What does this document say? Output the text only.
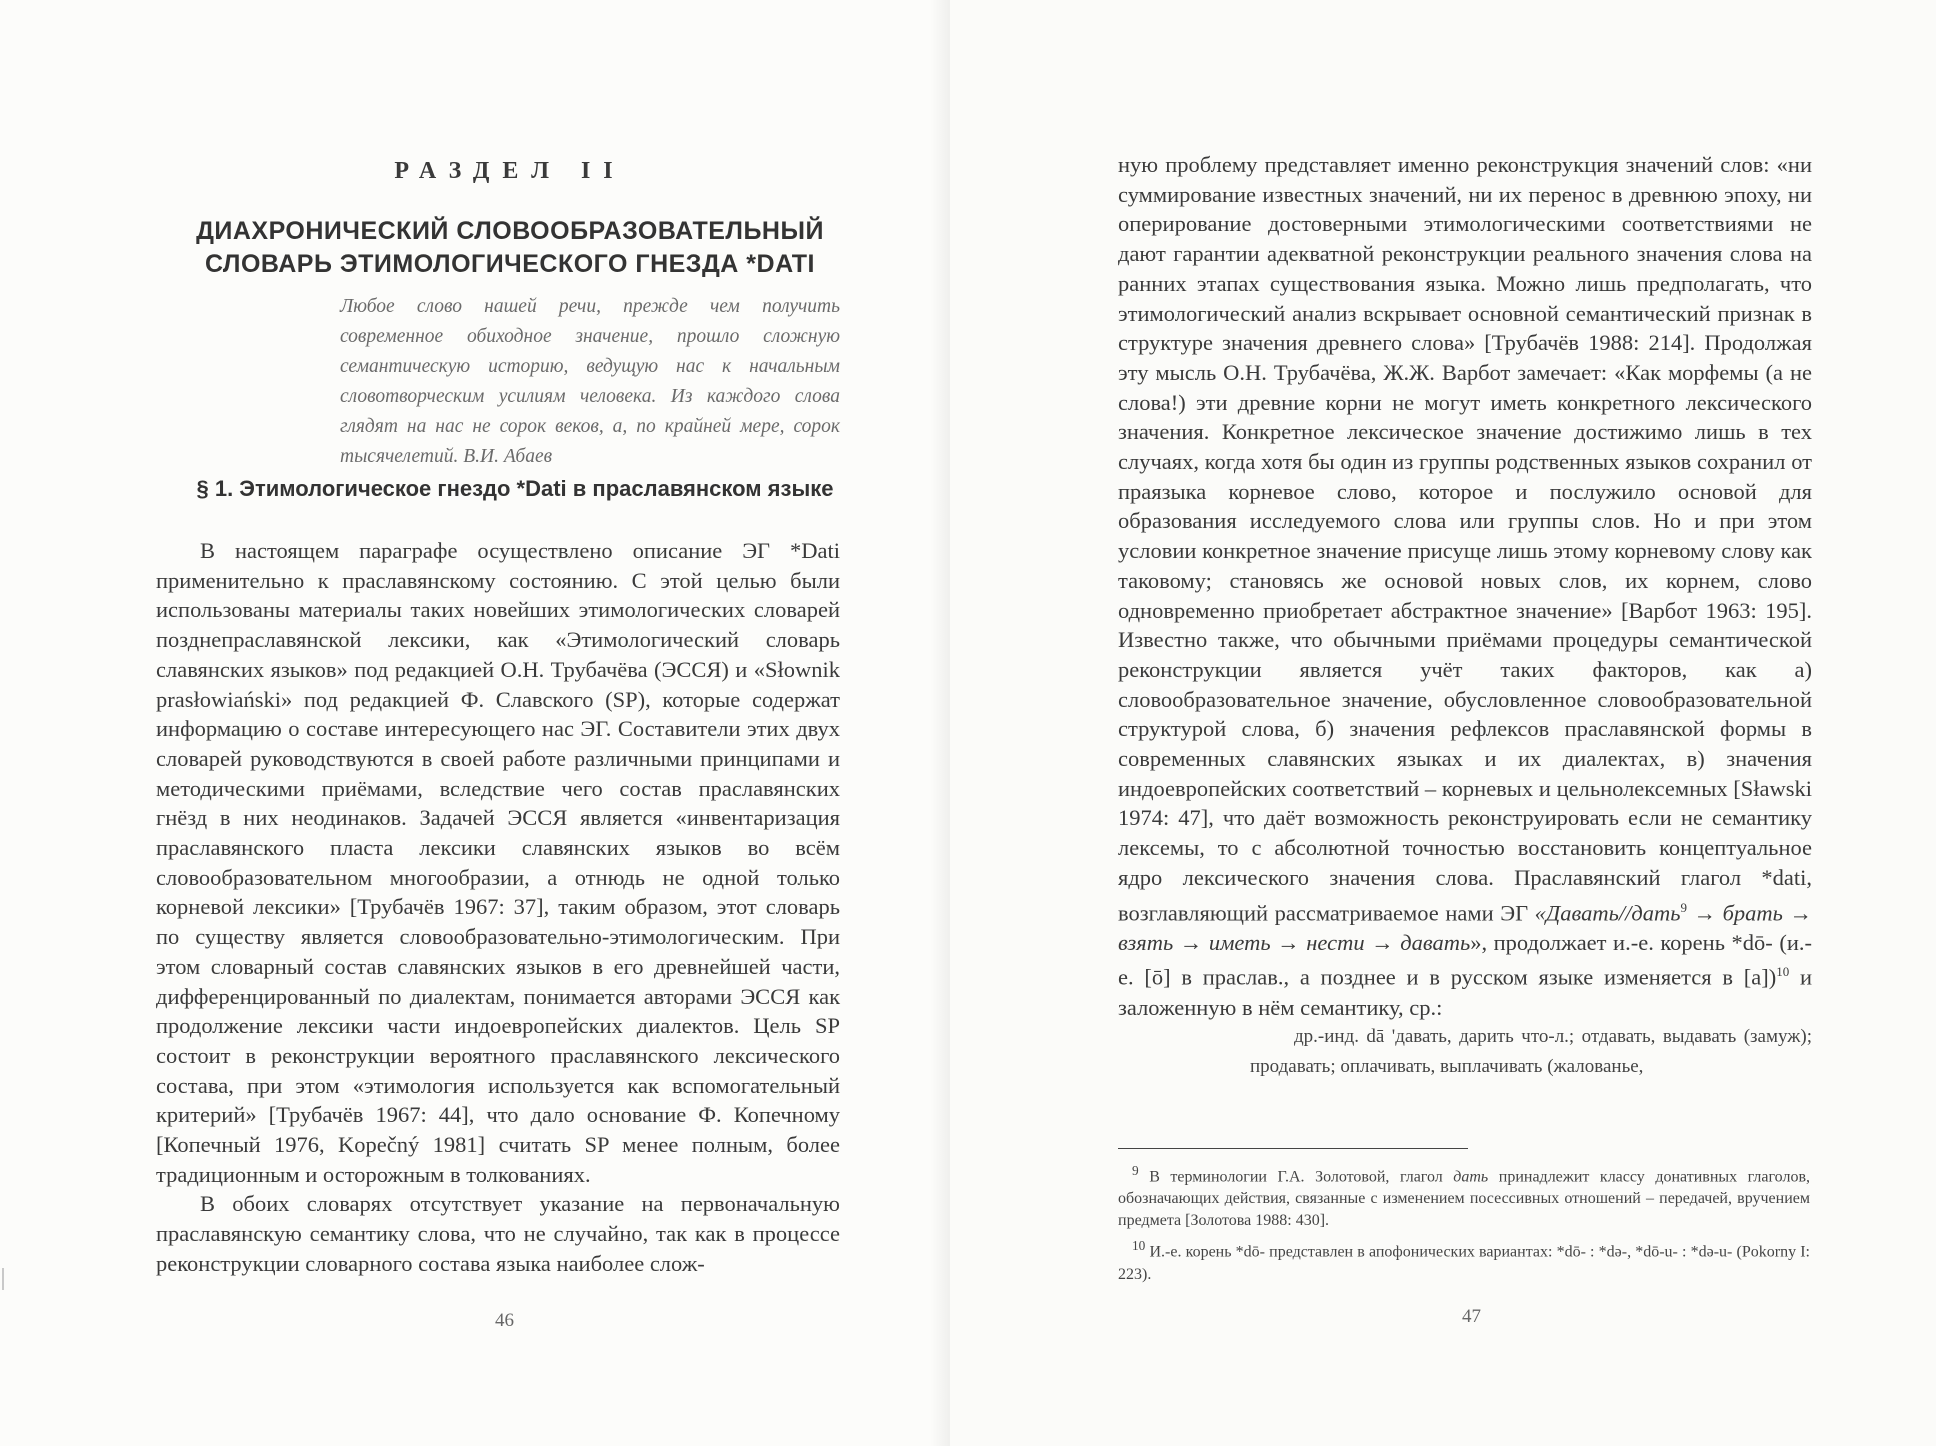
РАЗДЕЛ II
ДИАХРОНИЧЕСКИЙ СЛОВООБРАЗОВАТЕЛЬНЫЙ
СЛОВАРЬ ЭТИМОЛОГИЧЕСКОГО ГНЕЗДА *DATI
Любое слово нашей речи, прежде чем получить современное обиходное значение, прошло сложную семантическую историю, ведущую нас к начальным словотворческим усилиям человека. Из каждого слова глядят на нас не сорок веков, а, по крайней мере, сорок тысячелетий. В.И. Абаев
§ 1. Этимологическое гнездо *Dati в праславянском языке

В настоящем параграфе осуществлено описание ЭГ *Dati применительно к праславянскому состоянию. С этой целью были использованы материалы таких новейших этимологических словарей позднепраславянской лексики, как «Этимологический словарь славянских языков» под редакцией О.Н. Трубачёва (ЭССЯ) и «Słownik prasłowiański» под редакцией Ф. Славского (SP), которые содержат информацию о составе интересующего нас ЭГ. Составители этих двух словарей руководствуются в своей работе различными принципами и методическими приёмами, вследствие чего состав праславянских гнёзд в них неодинаков. Задачей ЭССЯ является «инвентаризация праславянского пласта лексики славянских языков во всём словообразовательном многообразии, а отнюдь не одной только корневой лексики» [Трубачёв 1967: 37], таким образом, этот словарь по существу является словообразовательно-этимологическим. При этом словарный состав славянских языков в его древнейшей части, дифференцированный по диалектам, понимается авторами ЭССЯ как продолжение лексики части индоевропейских диалектов. Цель SP состоит в реконструкции вероятного праславянского лексического состава, при этом «этимология используется как вспомогательный критерий» [Трубачёв 1967: 44], что дало основание Ф. Копечному [Копечный 1976, Kopečný 1981] считать SP менее полным, более традиционным и осторожным в толкованиях.

В обоих словарях отсутствует указание на первоначальную праславянскую семантику слова, что не случайно, так как в процессе реконструкции словарного состава языка наиболее слож-

46

ную проблему представляет именно реконструкция значений слов: «ни суммирование известных значений, ни их перенос в древнюю эпоху, ни оперирование достоверными этимологическими соответствиями не дают гарантии адекватной реконструкции реального значения слова на ранних этапах существования языка. Можно лишь предполагать, что этимологический анализ вскрывает основной семантический признак в структуре значения древнего слова» [Трубачёв 1988: 214]. Продолжая эту мысль О.Н. Трубачёва, Ж.Ж. Варбот замечает: «Как морфемы (а не слова!) эти древние корни не могут иметь конкретного лексического значения. Конкретное лексическое значение достижимо лишь в тех случаях, когда хотя бы один из группы родственных языков сохранил от праязыка корневое слово, которое и послужило основой для образования исследуемого слова или группы слов. Но и при этом условии конкретное значение присуще лишь этому корневому слову как таковому; становясь же основой новых слов, их корнем, слово одновременно приобретает абстрактное значение» [Варбот 1963: 195]. Известно также, что обычными приёмами процедуры семантической реконструкции является учёт таких факторов, как а) словообразовательное значение, обусловленное словообразовательной структурой слова, б) значения рефлексов праславянской формы в современных славянских языках и их диалектах, в) значения индоевропейских соответствий – корневых и цельнолексемных [Sławski 1974: 47], что даёт возможность реконструировать если не семантику лексемы, то с абсолютной точностью восстановить концептуальное ядро лексического значения слова. Праславянский глагол *dati, возглавляющий рассматриваемое нами ЭГ «Давать//дать$^9$ → брать → взять → иметь → нести → давать», продолжает и.-е. корень *dō- (и.-е. [ō] в праслав., а позднее и в русском языке изменяется в [a])$^{10}$ и заложенную в нём семантику, ср.:

др.-инд. dā 'давать, дарить что-л.; отдавать, выдавать (замуж); продавать; оплачивать, выплачивать (жалованье,

$^9$ В терминологии Г.А. Золотовой, глагол дать принадлежит классу донативных глаголов, обозначающих действия, связанные с изменением посессивных отношений – передачей, вручением предмета [Золотова 1988: 430].

$^{10}$ И.-е. корень *dō- представлен в апофонических вариантах: *dō- : *də-, *dō-u- : *də-u- (Pokorny I: 223).

47
